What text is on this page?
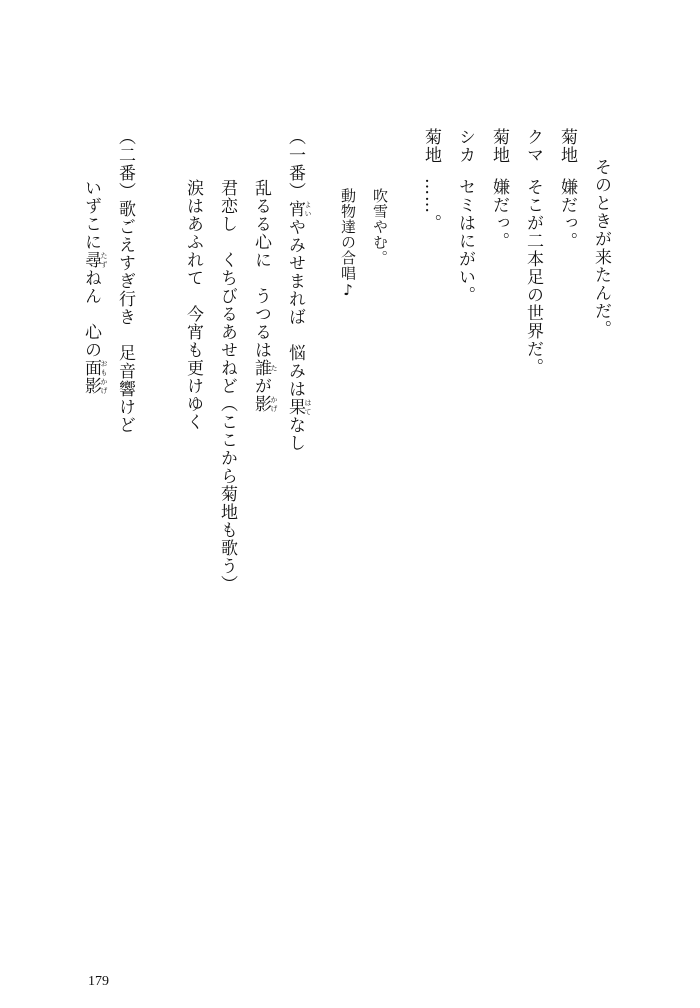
そのときが来たんだ。
菊地嫌だっ。
クマそこが二本足の世界だ。
菊地嫌だっ。
シカセミはにがい。
菊地……。
吹雪やむ。
動物達の合唱♪
（一番）宵 よいやみせまれば　悩みは果 はてなし
乱るる心に　うつるは誰 たが影 かげ
君恋し　くちびるあせねど（ここから菊地も歌う）
涙はあふれて　今宵も更けゆく
（二番）歌ごえすぎ行き　足音響けど
いずこに尋 たずねん　心の面影 おもかげ
179
